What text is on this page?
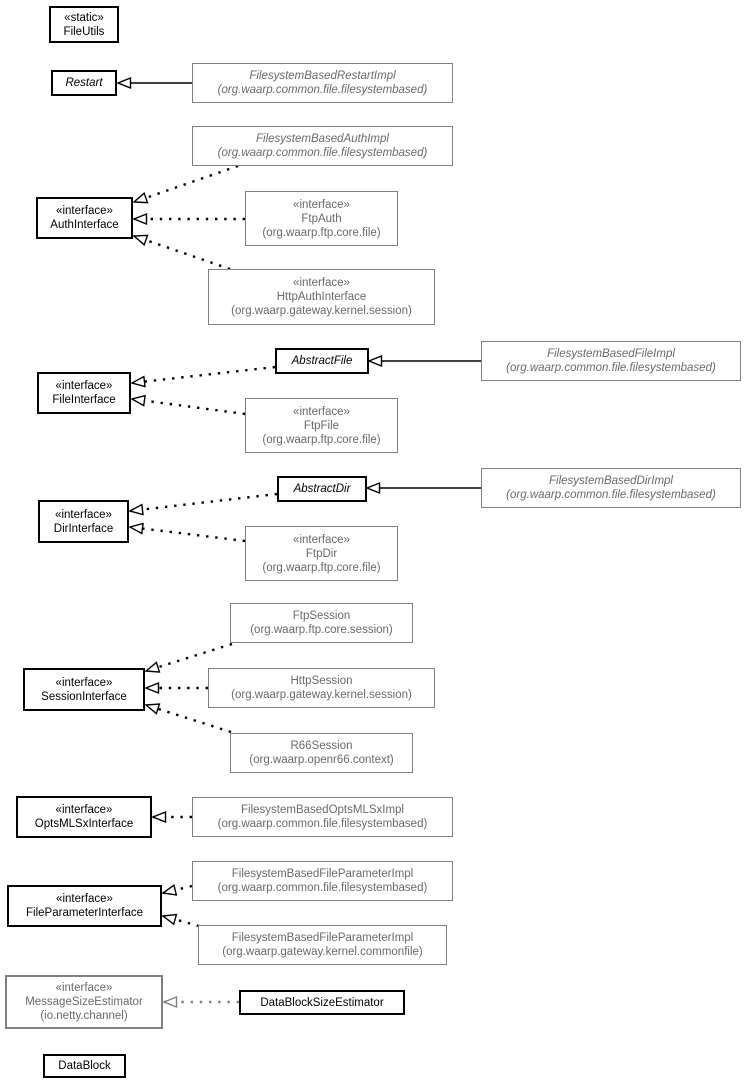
«static»
FileUtils
Restart
FilesystemBasedRestartImpl
(org.waarp.common.file.filesystembased)
FilesystemBasedAuthImpl
(org.waarp.common.file.filesystembased)
«interface»
AuthInterface
«interface»
FtpAuth
(org.waarp.ftp.core.file)
«interface»
HttpAuthInterface
(org.waarp.gateway.kernel.session)
AbstractFile
FilesystemBasedFileImpl
(org.waarp.common.file.filesystembased)
«interface»
FileInterface
«interface»
FtpFile
(org.waarp.ftp.core.file)
AbstractDir
FilesystemBasedDirImpl
(org.waarp.common.file.filesystembased)
«interface»
DirInterface
«interface»
FtpDir
(org.waarp.ftp.core.file)
FtpSession
(org.waarp.ftp.core.session)
«interface»
SessionInterface
HttpSession
(org.waarp.gateway.kernel.session)
R66Session
(org.waarp.openr66.context)
«interface»
OptsMLSxInterface
FilesystemBasedOptsMLSxImpl
(org.waarp.common.file.filesystembased)
«interface»
FileParameterInterface
FilesystemBasedFileParameterImpl
(org.waarp.common.file.filesystembased)
FilesystemBasedFileParameterImpl
(org.waarp.gateway.kernel.commonfile)
«interface»
MessageSizeEstimator
(io.netty.channel)
DataBlockSizeEstimator
DataBlock
